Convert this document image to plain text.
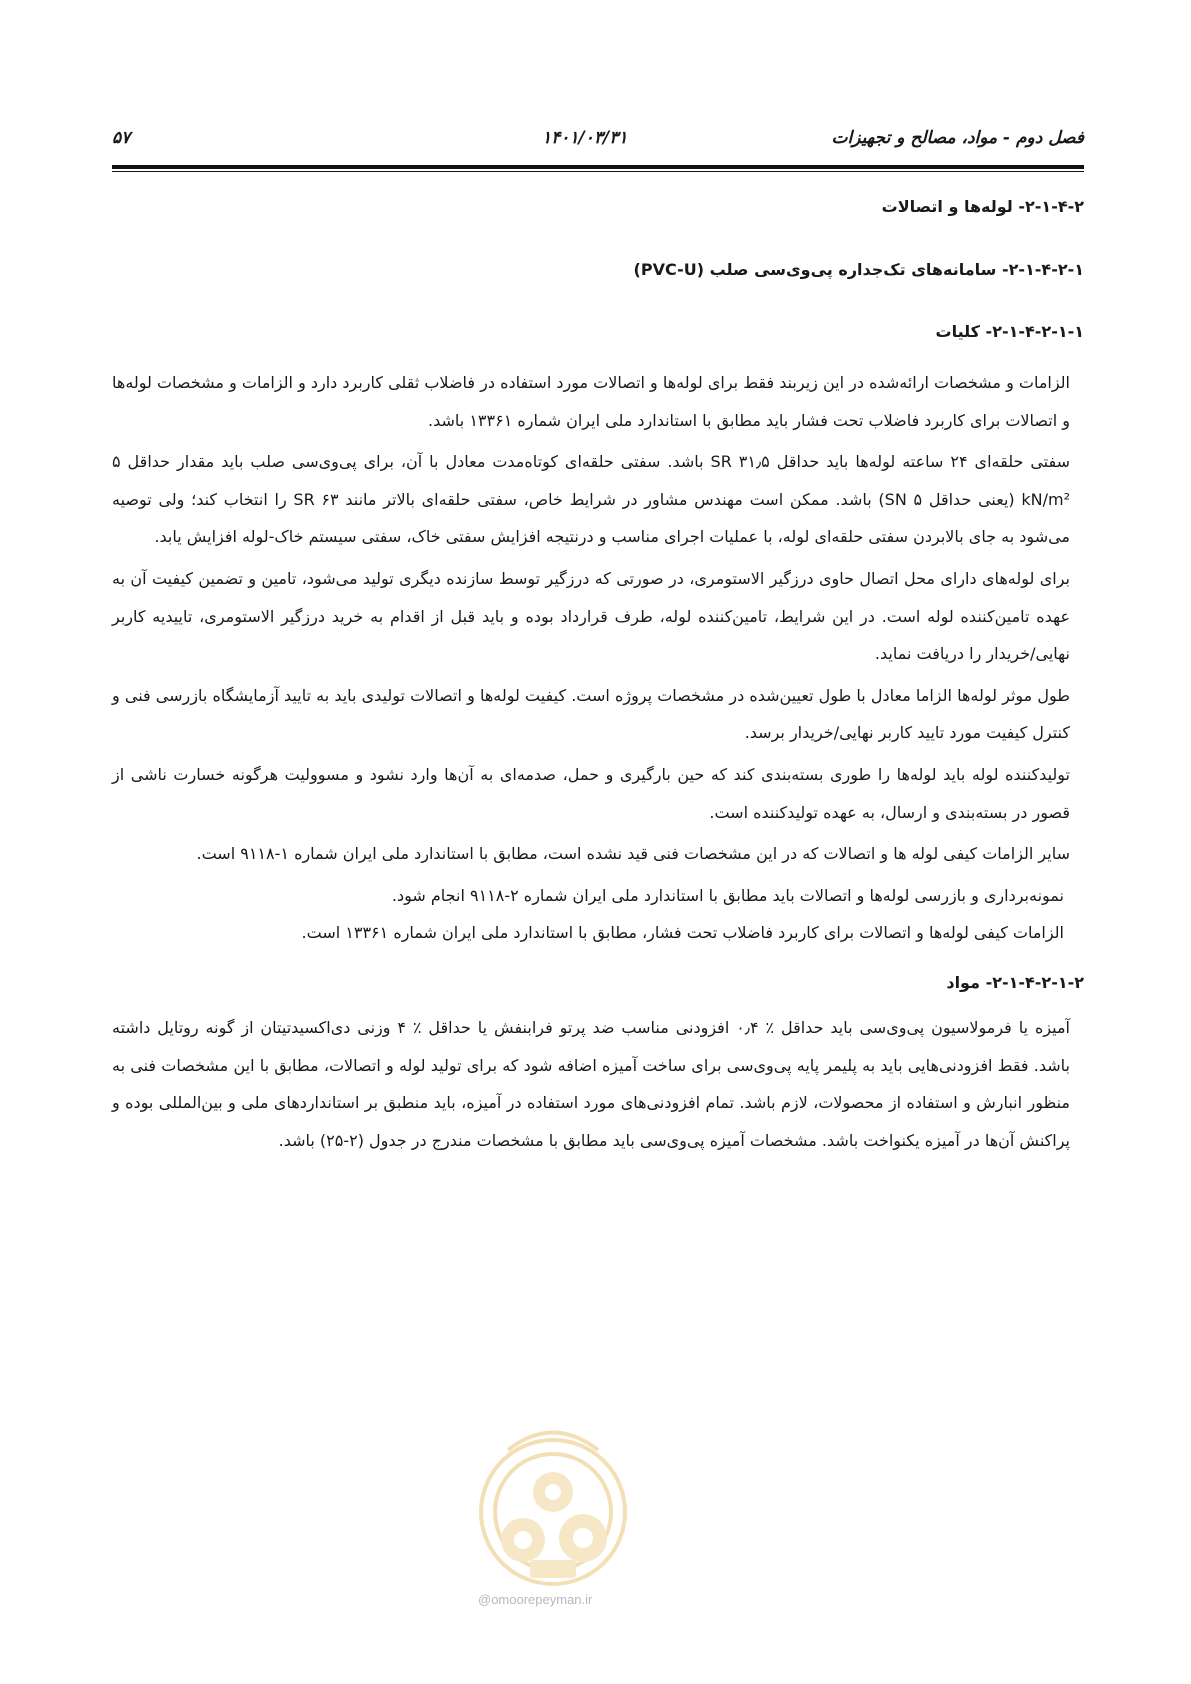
فصل دوم - مواد، مصالح و تجهیزات
۱۴۰۱/۰۳/۳۱
۵۷
۲-۱-۴-۲- لوله‌ها و اتصالات
۲-۱-۴-۲-۱- سامانه‌های تک‌جداره پی‌وی‌سی صلب (PVC-U)
۲-۱-۴-۲-۱-۱- کلیات

الزامات و مشخصات ارائه‌شده در این زیربند فقط برای لوله‌ها و اتصالات مورد استفاده در فاضلاب ثقلی کاربرد دارد و الزامات و مشخصات لوله‌ها و اتصالات برای کاربرد فاضلاب تحت فشار باید مطابق با استاندارد ملی ایران شماره ۱۳۳۶۱ باشد.

سفتی حلقه‌ای ۲۴ ساعته لوله‌ها باید حداقل SR ۳۱٫۵ باشد. سفتی حلقه‌ای کوتاه‌مدت معادل با آن، برای پی‌وی‌سی صلب باید مقدار حداقل ۵ kN/m² (یعنی حداقل SN ۵) باشد. ممکن است مهندس مشاور در شرایط خاص، سفتی حلقه‌ای بالاتر مانند SR ۶۳ را انتخاب کند؛ ولی توصیه می‌شود به جای بالابردن سفتی حلقه‌ای لوله، با عملیات اجرای مناسب و درنتیجه افزایش سفتی خاک، سفتی سیستم خاک-لوله افزایش یابد.

برای لوله‌های دارای محل اتصال حاوی درزگیر الاستومری، در صورتی که درزگیر توسط سازنده دیگری تولید می‌شود، تامین و تضمین کیفیت آن به عهده تامین‌کننده لوله است. در این شرایط، تامین‌کننده لوله، طرف قرارداد بوده و باید قبل از اقدام به خرید درزگیر الاستومری، تاییدیه کاربر نهایی/خریدار را دریافت نماید.

طول موثر لوله‌ها الزاما معادل با طول تعیین‌شده در مشخصات پروژه است. کیفیت لوله‌ها و اتصالات تولیدی باید به تایید آزمایشگاه بازرسی فنی و کنترل کیفیت مورد تایید کاربر نهایی/خریدار برسد.

تولیدکننده لوله باید لوله‌ها را طوری بسته‌بندی کند که حین بارگیری و حمل، صدمه‌ای به آن‌ها وارد نشود و مسوولیت هرگونه خسارت ناشی از قصور در بسته‌بندی و ارسال، به عهده تولیدکننده است.

سایر الزامات کیفی لوله ها و اتصالات که در این مشخصات فنی قید نشده است، مطابق با استاندارد ملی ایران شماره ۱-۹۱۱۸ است.

نمونه‌برداری و بازرسی لوله‌ها و اتصالات باید مطابق با استاندارد ملی ایران شماره ۲-۹۱۱۸ انجام شود.

الزامات کیفی لوله‌ها و اتصالات برای کاربرد فاضلاب تحت فشار، مطابق با استاندارد ملی ایران شماره ۱۳۳۶۱ است.

۲-۱-۴-۲-۱-۲- مواد

آمیزه یا فرمولاسیون پی‌وی‌سی باید حداقل ٪ ۰٫۴ افزودنی مناسب ضد پرتو فرابنفش یا حداقل ٪ ۴ وزنی دی‌اکسیدتیتان از گونه روتایل داشته باشد. فقط افزودنی‌هایی باید به پلیمر پایه پی‌وی‌سی برای ساخت آمیزه اضافه شود که برای تولید لوله و اتصالات، مطابق با این مشخصات فنی به منظور انبارش و استفاده از محصولات، لازم باشد. تمام افزودنی‌های مورد استفاده در آمیزه، باید منطبق بر استانداردهای ملی و بین‌المللی بوده و پراکنش آن‌ها در آمیزه یکنواخت باشد. مشخصات آمیزه پی‌وی‌سی باید مطابق با مشخصات مندرج در جدول (۲-۲۵) باشد.

@omoorepeyman.ir
